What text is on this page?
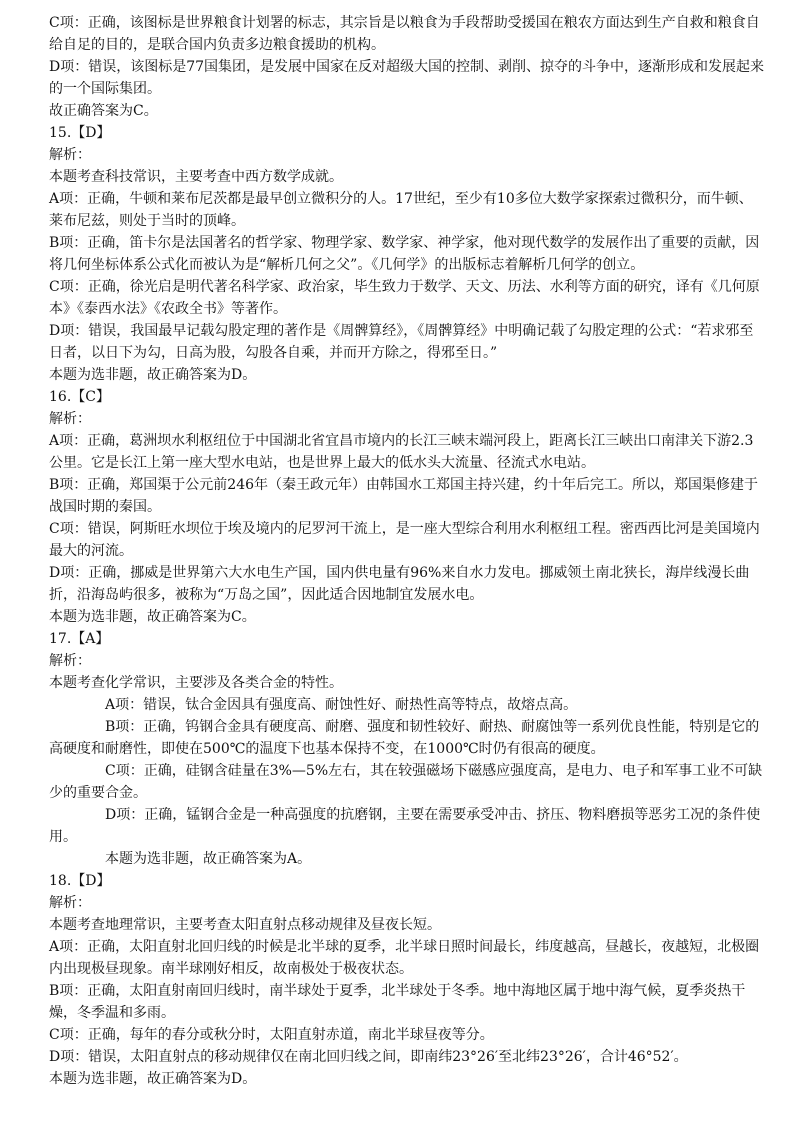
C项：正确，该图标是世界粮食计划署的标志，其宗旨是以粮食为手段帮助受援国在粮农方面达到生产自救和粮食自给自足的目的，是联合国内负责多边粮食援助的机构。

D项：错误，该图标是77国集团，是发展中国家在反对超级大国的控制、剥削、掠夺的斗争中，逐渐形成和发展起来的一个国际集团。

故正确答案为C。

15.【D】

解析：

本题考查科技常识，主要考查中西方数学成就。

A项：正确，牛顿和莱布尼茨都是最早创立微积分的人。17世纪，至少有10多位大数学家探索过微积分，而牛顿、莱布尼兹，则处于当时的顶峰。

B项：正确，笛卡尔是法国著名的哲学家、物理学家、数学家、神学家，他对现代数学的发展作出了重要的贡献，因将几何坐标体系公式化而被认为是“解析几何之父”。《几何学》的出版标志着解析几何学的创立。

C项：正确，徐光启是明代著名科学家、政治家，毕生致力于数学、天文、历法、水利等方面的研究，译有《几何原本》《泰西水法》《农政全书》等著作。

D项：错误，我国最早记载勾股定理的著作是《周髀算经》，《周髀算经》中明确记载了勾股定理的公式：“若求邪至日者，以日下为勾，日高为股，勾股各自乘，并而开方除之，得邪至日。”

本题为选非题，故正确答案为D。

16.【C】

解析：

A项：正确，葛洲坝水利枢纽位于中国湖北省宜昌市境内的长江三峡末端河段上，距离长江三峡出口南津关下游2.3公里。它是长江上第一座大型水电站，也是世界上最大的低水头大流量、径流式水电站。

B项：正确，郑国渠于公元前246年（秦王政元年）由韩国水工郑国主持兴建，约十年后完工。所以，郑国渠修建于战国时期的秦国。

C项：错误，阿斯旺水坝位于埃及境内的尼罗河干流上，是一座大型综合利用水利枢纽工程。密西西比河是美国境内最大的河流。

D项：正确，挪威是世界第六大水电生产国，国内供电量有96%来自水力发电。挪威领土南北狭长，海岸线漫长曲折，沿海岛屿很多，被称为“万岛之国”，因此适合因地制宜发展水电。

本题为选非题，故正确答案为C。

17.【A】

解析：

本题考查化学常识，主要涉及各类合金的特性。

A项：错误，钛合金因具有强度高、耐蚀性好、耐热性高等特点，故熔点高。

B项：正确，钨钢合金具有硬度高、耐磨、强度和韧性较好、耐热、耐腐蚀等一系列优良性能，特别是它的高硬度和耐磨性，即使在500℃的温度下也基本保持不变，在1000℃时仍有很高的硬度。

C项：正确，硅钢含硅量在3%—5%左右，其在较强磁场下磁感应强度高，是电力、电子和军事工业不可缺少的重要合金。

D项：正确，锰钢合金是一种高强度的抗磨钢，主要在需要承受冲击、挤压、物料磨损等恶劣工况的条件使用。

本题为选非题，故正确答案为A。

18.【D】

解析：

本题考查地理常识，主要考查太阳直射点移动规律及昼夜长短。

A项：正确，太阳直射北回归线的时候是北半球的夏季，北半球日照时间最长，纬度越高，昼越长，夜越短，北极圈内出现极昼现象。南半球刚好相反，故南极处于极夜状态。

B项：正确，太阳直射南回归线时，南半球处于夏季，北半球处于冬季。地中海地区属于地中海气候，夏季炎热干燥，冬季温和多雨。

C项：正确，每年的春分或秋分时，太阳直射赤道，南北半球昼夜等分。

D项：错误，太阳直射点的移动规律仅在南北回归线之间，即南纬23°26′至北纬23°26′，合计46°52′。

本题为选非题，故正确答案为D。
